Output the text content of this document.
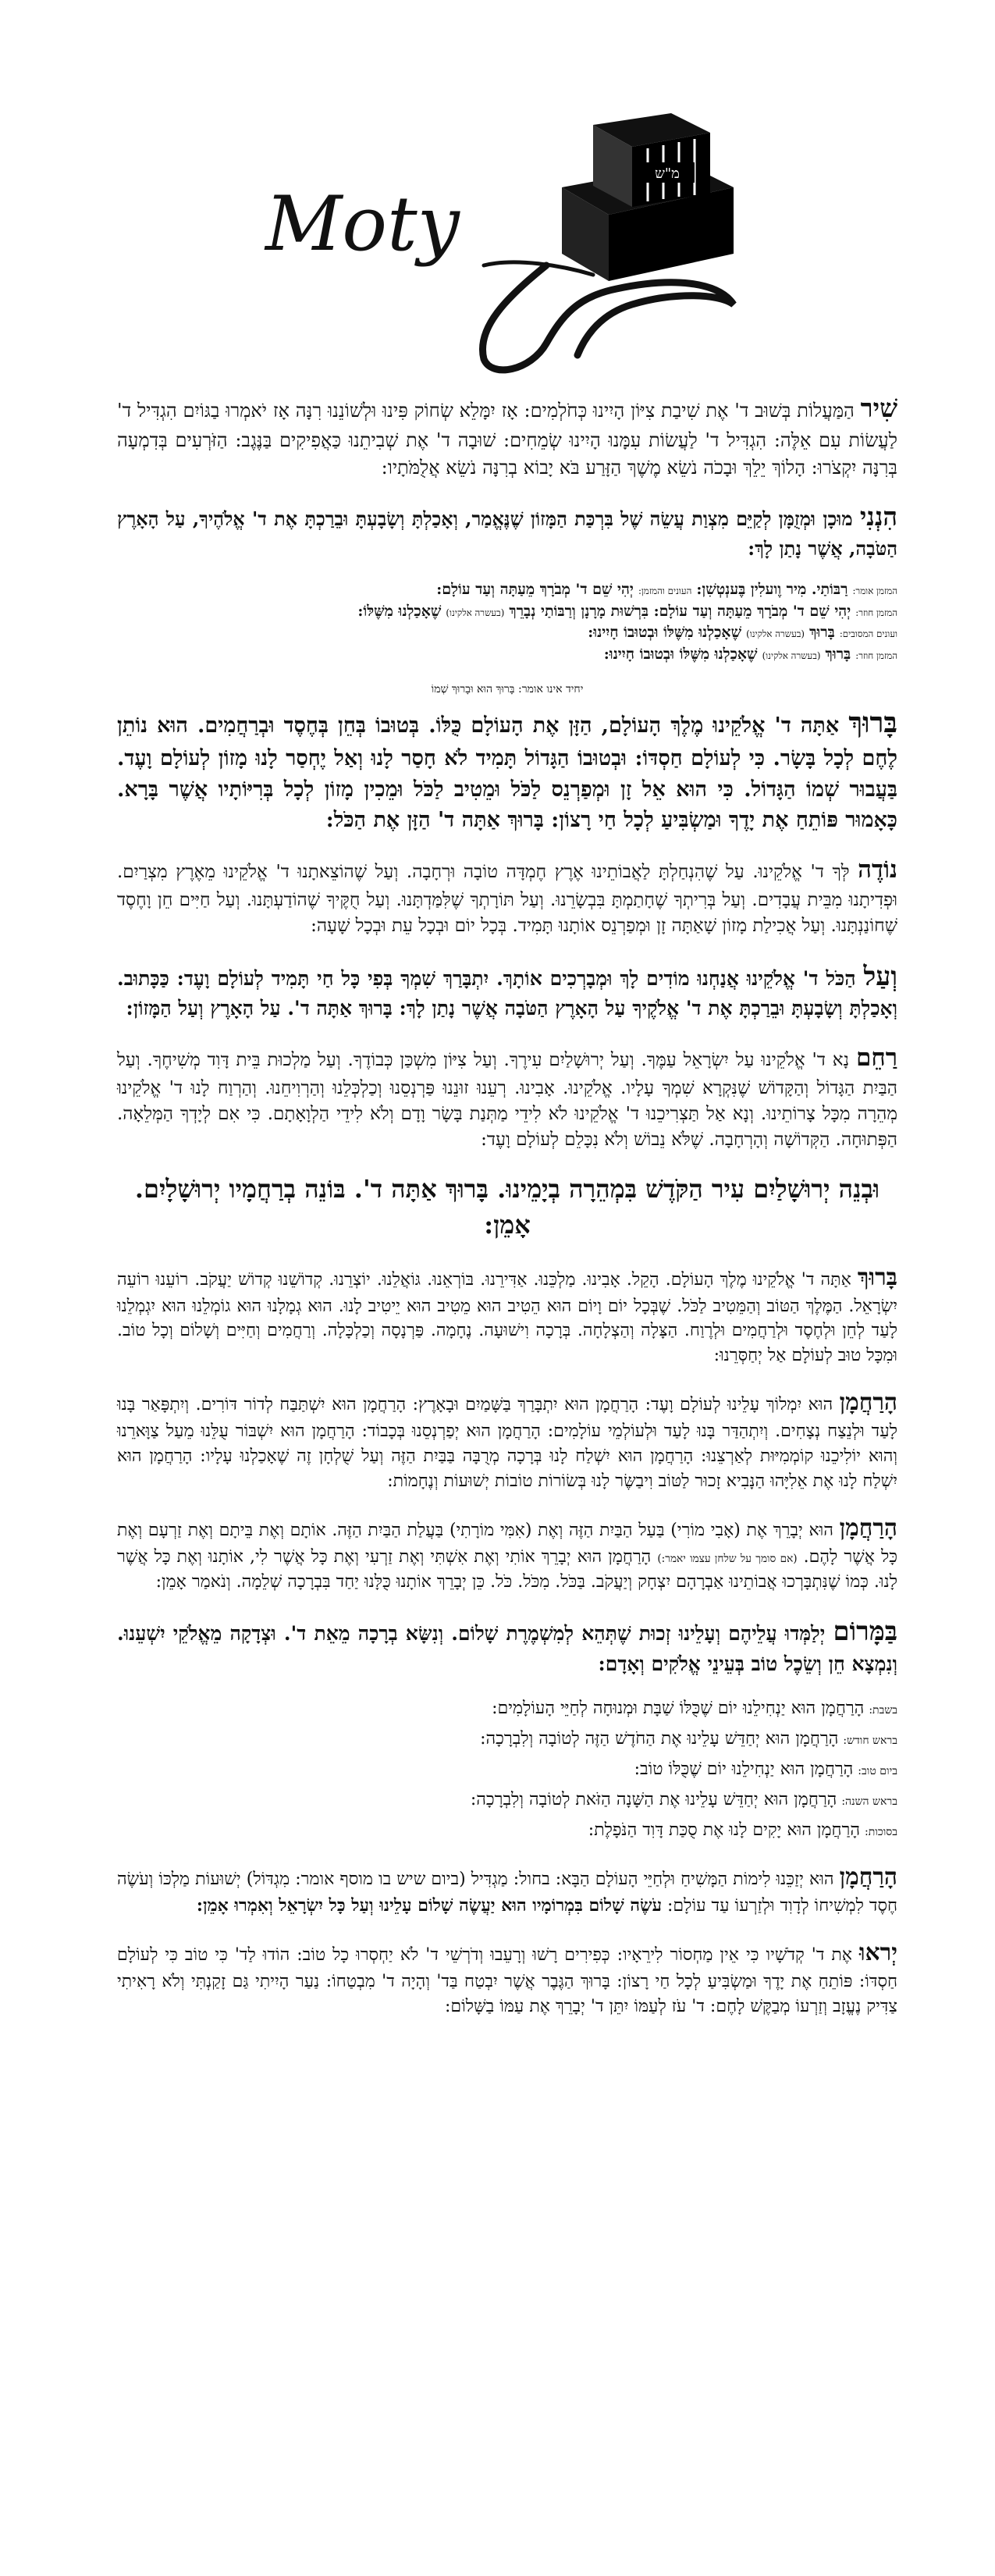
מ"ש
Moty

שִׁיר הַמַּעֲלוֹת בְּשׁוּב ד' אֶת שִׁיבַת צִיּוֹן הָיִינוּ כְּחֹלְמִים: אָז יִמָּלֵא שְׂחוֹק פִּינוּ וּלְשׁוֹנֵנוּ רִנָּה אָז יֹאמְרוּ בַגּוֹיִם הִגְדִּיל ד' לַעֲשׂוֹת עִם אֵלֶּה: הִגְדִּיל ד' לַעֲשׂוֹת עִמָּנוּ הָיִינוּ שְׂמֵחִים: שׁוּבָה ד' אֶת שְׁבִיתֵנוּ כַּאֲפִיקִים בַּנֶּגֶב: הַזֹּרְעִים בְּדִמְעָה בְּרִנָּה יִקְצֹרוּ: הָלוֹךְ יֵלֵךְ וּבָכֹה נֹשֵׂא מֶשֶׁךְ הַזָּרַע בֹּא יָבוֹא בְרִנָּה נֹשֵׂא אֲלֻמֹּתָיו:

הִנְנִי מוּכָן וּמְזֻמָּן לְקַיֵּם מִצְוַת עֲשֵׂה שֶׁל בִּרְכַּת הַמָּזוֹן שֶׁנֶּאֱמַר, וְאָכַלְתָּ וְשָׂבָעְתָּ וּבֵרַכְתָּ אֶת ד' אֱלֹהֶיךָ, עַל הָאָרֶץ הַטֹּבָה, אֲשֶׁר נָתַן לָךְ:

המזמן אומר: רַבּוֹתַי. מִיר וֶועלִין בֶּענְטְשִׁן: העונים והמזמן: יְהִי שֵׁם ד' מְבֹרָךְ מֵעַתָּה וְעַד עוֹלָם:
המזמן חוזר: יְהִי שֵׁם ד' מְבֹרָךְ מֵעַתָּה וְעַד עוֹלָם: בִּרְשׁוּת מָרָנָן וְרַבּוֹתַי נְבָרֵךְ (בעשרה אלקינו) שֶׁאָכַלְנוּ מִשֶּׁלּוֹ:
ועונים המסובים: בָּרוּךְ (בעשרה אלקינו) שֶׁאָכַלְנוּ מִשֶּׁלּוֹ וּבְטוּבוֹ חָיִינוּ:
המזמן חוזר: בָּרוּךְ (בעשרה אלקינו) שֶׁאָכַלְנוּ מִשֶּׁלּוֹ וּבְטוּבוֹ חָיִינוּ:

יחיד אינו אומר: בָּרוּךְ הוּא וּבָרוּךְ שְׁמוֹ

בָּרוּךְ אַתָּה ד' אֱלֹקֵינוּ מֶלֶךְ הָעוֹלָם, הַזָּן אֶת הָעוֹלָם כֻּלּוֹ. בְּטוּבוֹ בְּחֵן בְּחֶסֶד וּבְרַחֲמִים. הוּא נוֹתֵן לֶחֶם לְכָל בָּשָׂר. כִּי לְעוֹלָם חַסְדּוֹ: וּבְטוּבוֹ הַגָּדוֹל תָּמִיד לֹא חָסַר לָנוּ וְאַל יֶחְסַר לָנוּ מָזוֹן לְעוֹלָם וָעֶד. בַּעֲבוּר שְׁמוֹ הַגָּדוֹל. כִּי הוּא אֵל זָן וּמְפַרְנֵס לַכֹּל וּמֵטִיב לַכֹּל וּמֵכִין מָזוֹן לְכָל בְּרִיּוֹתָיו אֲשֶׁר בָּרָא. כָּאָמוּר פּוֹתֵחַ אֶת יָדֶךָ וּמַשְׂבִּיעַ לְכָל חַי רָצוֹן: בָּרוּךְ אַתָּה ד' הַזָּן אֶת הַכֹּל:

נוֹדֶה לְּךָ ד' אֱלֹקֵינוּ. עַל שֶׁהִנְחַלְתָּ לַאֲבוֹתֵינוּ אֶרֶץ חֶמְדָּה טוֹבָה וּרְחָבָה. וְעַל שֶׁהוֹצֵאתָנוּ ד' אֱלֹקֵינוּ מֵאֶרֶץ מִצְרַיִם. וּפְדִיתָנוּ מִבֵּית עֲבָדִים. וְעַל בְּרִיתְךָ שֶׁחָתַמְתָּ בִּבְשָׂרֵנוּ. וְעַל תּוֹרָתְךָ שֶׁלִּמַּדְתָּנוּ. וְעַל חֻקֶּיךָ שֶׁהוֹדַעְתָּנוּ. וְעַל חַיִּים חֵן וָחֶסֶד שֶׁחוֹנַנְתָּנוּ. וְעַל אֲכִילַת מָזוֹן שָׁאַתָּה זָן וּמְפַרְנֵס אוֹתָנוּ תָּמִיד. בְּכָל יוֹם וּבְכָל עֵת וּבְכָל שָׁעָה:

וְעַל הַכֹּל ד' אֱלֹקֵינוּ אֲנַחְנוּ מוֹדִים לָךְ וּמְבָרְכִים אוֹתָךְ. יִתְבָּרַךְ שִׁמְךָ בְּפִי כָּל חַי תָּמִיד לְעוֹלָם וָעֶד: כַּכָּתוּב. וְאָכַלְתָּ וְשָׂבָעְתָּ וּבֵרַכְתָּ אֶת ד' אֱלֹקֶיךָ עַל הָאָרֶץ הַטֹּבָה אֲשֶׁר נָתַן לָךְ: בָּרוּךְ אַתָּה ד'. עַל הָאָרֶץ וְעַל הַמָּזוֹן:

רַחֵם נָא ד' אֱלֹקֵינוּ עַל יִשְׂרָאֵל עַמֶּךָ. וְעַל יְרוּשָׁלַיִם עִירֶךָ. וְעַל צִיּוֹן מִשְׁכַּן כְּבוֹדֶךָ. וְעַל מַלְכוּת בֵּית דָּוִד מְשִׁיחֶךָ. וְעַל הַבַּיִת הַגָּדוֹל וְהַקָּדוֹשׁ שֶׁנִּקְרָא שִׁמְךָ עָלָיו. אֱלֹקֵינוּ. אָבִינוּ. רְעֵנוּ זוּנֵנוּ פַּרְנְסֵנוּ וְכַלְכְּלֵנוּ וְהַרְוִיחֵנוּ. וְהַרְוַח לָנוּ ד' אֱלֹקֵינוּ מְהֵרָה מִכָּל צָרוֹתֵינוּ. וְנָא אַל תַּצְרִיכֵנוּ ד' אֱלֹקֵינוּ לֹא לִידֵי מַתְּנַת בָּשָׂר וָדָם וְלֹא לִידֵי הַלְוָאָתָם. כִּי אִם לְיָדְךָ הַמְּלֵאָה. הַפְּתוּחָה. הַקְּדוֹשָׁה וְהָרְחָבָה. שֶׁלֹּא נֵבוֹשׁ וְלֹא נִכָּלֵם לְעוֹלָם וָעֶד:

וּבְנֵה יְרוּשָׁלַיִם עִיר הַקֹּדֶשׁ בִּמְהֵרָה בְיָמֵינוּ. בָּרוּךְ אַתָּה ד'. בּוֹנֵה בְרַחֲמָיו יְרוּשָׁלָיִם. אָמֵן:

בָּרוּךְ אַתָּה ד' אֱלֹקֵינוּ מֶלֶךְ הָעוֹלָם. הָקֵל. אָבִינוּ. מַלְכֵּנוּ. אַדִּירֵנוּ. בּוֹרְאֵנוּ. גּוֹאֲלֵנוּ. יוֹצְרֵנוּ. קְדוֹשֵׁנוּ קְדוֹשׁ יַעֲקֹב. רוֹעֵנוּ רוֹעֵה יִשְׂרָאֵל. הַמֶּלֶךְ הַטּוֹב וְהַמֵּטִיב לַכֹּל. שֶׁבְּכָל יוֹם וָיוֹם הוּא הֵטִיב הוּא מֵטִיב הוּא יֵיטִיב לָנוּ. הוּא גְמָלָנוּ הוּא גוֹמְלֵנוּ הוּא יִגְמְלֵנוּ לָעַד לְחֵן וּלְחֶסֶד וּלְרַחֲמִים וּלְרֶוַח. הַצָּלָה וְהַצְלָחָה. בְּרָכָה וִישׁוּעָה. נֶחָמָה. פַּרְנָסָה וְכַלְכָּלָה. וְרַחֲמִים וְחַיִּים וְשָׁלוֹם וְכָל טוֹב. וּמִכָּל טוּב לְעוֹלָם אַל יְחַסְּרֵנוּ:

הָרַחֲמָן הוּא יִמְלוֹךְ עָלֵינוּ לְעוֹלָם וָעֶד: הָרַחֲמָן הוּא יִתְבָּרַךְ בַּשָּׁמַיִם וּבָאָרֶץ: הָרַחֲמָן הוּא יִשְׁתַּבַּח לְדוֹר דּוֹרִים. וְיִתְפָּאַר בָּנוּ לָעַד וּלְנֵצַח נְצָחִים. וְיִתְהַדַּר בָּנוּ לָעַד וּלְעוֹלְמֵי עוֹלָמִים: הָרַחֲמָן הוּא יְפַרְנְסֵנוּ בְּכָבוֹד: הָרַחֲמָן הוּא יִשְׁבּוֹר עֻלֵּנוּ מֵעַל צַוָּארֵנוּ וְהוּא יוֹלִיכֵנוּ קוֹמְמִיּוּת לְאַרְצֵנוּ: הָרַחֲמָן הוּא יִשְׁלַח לָנוּ בְּרָכָה מְרֻבָּה בַּבַּיִת הַזֶּה וְעַל שֻׁלְחָן זֶה שֶׁאָכַלְנוּ עָלָיו: הָרַחֲמָן הוּא יִשְׁלַח לָנוּ אֶת אֵלִיָּהוּ הַנָּבִיא זָכוּר לַטּוֹב וִיבַשֶּׂר לָנוּ בְּשׂוֹרוֹת טוֹבוֹת יְשׁוּעוֹת וְנֶחָמוֹת:

הָרַחֲמָן הוּא יְבָרֵךְ אֶת (אָבִי מוֹרִי) בַּעַל הַבַּיִת הַזֶּה וְאֶת (אִמִּי מוֹרָתִי) בַּעֲלַת הַבַּיִת הַזֶּה. אוֹתָם וְאֶת בֵּיתָם וְאֶת זַרְעָם וְאֶת כָּל אֲשֶׁר לָהֶם. (אם סומך על שלחן עצמו יאמר:) הָרַחֲמָן הוּא יְבָרֵךְ אוֹתִי וְאֶת אִשְׁתִּי וְאֶת זַרְעִי וְאֶת כָּל אֲשֶׁר לִי, אוֹתָנוּ וְאֶת כָּל אֲשֶׁר לָנוּ. כְּמוֹ שֶׁנִּתְבָּרְכוּ אֲבוֹתֵינוּ אַבְרָהָם יִצְחָק וְיַעֲקֹב. בַּכֹּל. מִכֹּל. כֹּל. כֵּן יְבָרֵךְ אוֹתָנוּ כֻּלָּנוּ יַחַד בִּבְרָכָה שְׁלֵמָה. וְנֹאמַר אָמֵן:

בַּמָּרוֹם יְלַמְּדוּ עֲלֵיהֶם וְעָלֵינוּ זְכוּת שֶׁתְּהֵא לְמִשְׁמֶרֶת שָׁלוֹם. וְנִשָּׂא בְרָכָה מֵאֵת ד'. וּצְדָקָה מֵאֱלֹקֵי יִשְׁעֵנוּ. וְנִמְצָא חֵן וְשֵׂכֶל טוֹב בְּעֵינֵי אֱלֹקִים וְאָדָם:

בשבת:הָרַחֲמָן הוּא יַנְחִילֵנוּ יוֹם שֶׁכֻּלּוֹ שַׁבָּת וּמְנוּחָה לְחַיֵּי הָעוֹלָמִים:
בראש חודש:הָרַחֲמָן הוּא יְחַדֵּשׁ עָלֵינוּ אֶת הַחֹדֶשׁ הַזֶּה לְטוֹבָה וְלִבְרָכָה:
ביום טוב:הָרַחֲמָן הוּא יַנְחִילֵנוּ יוֹם שֶׁכֻּלּוֹ טוֹב:
בראש השנה:הָרַחֲמָן הוּא יְחַדֵּשׁ עָלֵינוּ אֶת הַשָּׁנָה הַזֹּאת לְטוֹבָה וְלִבְרָכָה:
בסוכות:הָרַחֲמָן הוּא יָקִים לָנוּ אֶת סֻכַּת דָּוִד הַנֹּפָלֶת:

הָרַחֲמָן הוּא יְזַכֵּנוּ לִימוֹת הַמָּשִׁיחַ וּלְחַיֵּי הָעוֹלָם הַבָּא: בחול: מַגְדִּיל (ביום שיש בו מוסף אומר: מִגְדּוֹל) יְשׁוּעוֹת מַלְכּוֹ וְעֹשֶׂה חֶסֶד לִמְשִׁיחוֹ לְדָוִד וּלְזַרְעוֹ עַד עוֹלָם: עֹשֶׂה שָׁלוֹם בִּמְרוֹמָיו הוּא יַעֲשֶׂה שָׁלוֹם עָלֵינוּ וְעַל כָּל יִשְׂרָאֵל וְאִמְרוּ אָמֵן:

יְראוּ אֶת ד' קְדֹשָׁיו כִּי אֵין מַחְסוֹר לִירֵאָיו: כְּפִירִים רָשׁוּ וְרָעֵבוּ וְדֹרְשֵׁי ד' לֹא יַחְסְרוּ כָל טוֹב: הוֹדוּ לַד' כִּי טוֹב כִּי לְעוֹלָם חַסְדּוֹ: פּוֹתֵחַ אֶת יָדֶךָ וּמַשְׂבִּיעַ לְכָל חַי רָצוֹן: בָּרוּךְ הַגֶּבֶר אֲשֶׁר יִבְטַח בַּד' וְהָיָה ד' מִבְטַחוֹ: נַעַר הָיִיתִי גַּם זָקַנְתִּי וְלֹא רָאִיתִי צַדִּיק נֶעֱזָב וְזַרְעוֹ מְבַקֶּשׁ לָחֶם: ד' עֹז לְעַמּוֹ יִתֵּן ד' יְבָרֵךְ אֶת עַמּוֹ בַשָּׁלוֹם:
